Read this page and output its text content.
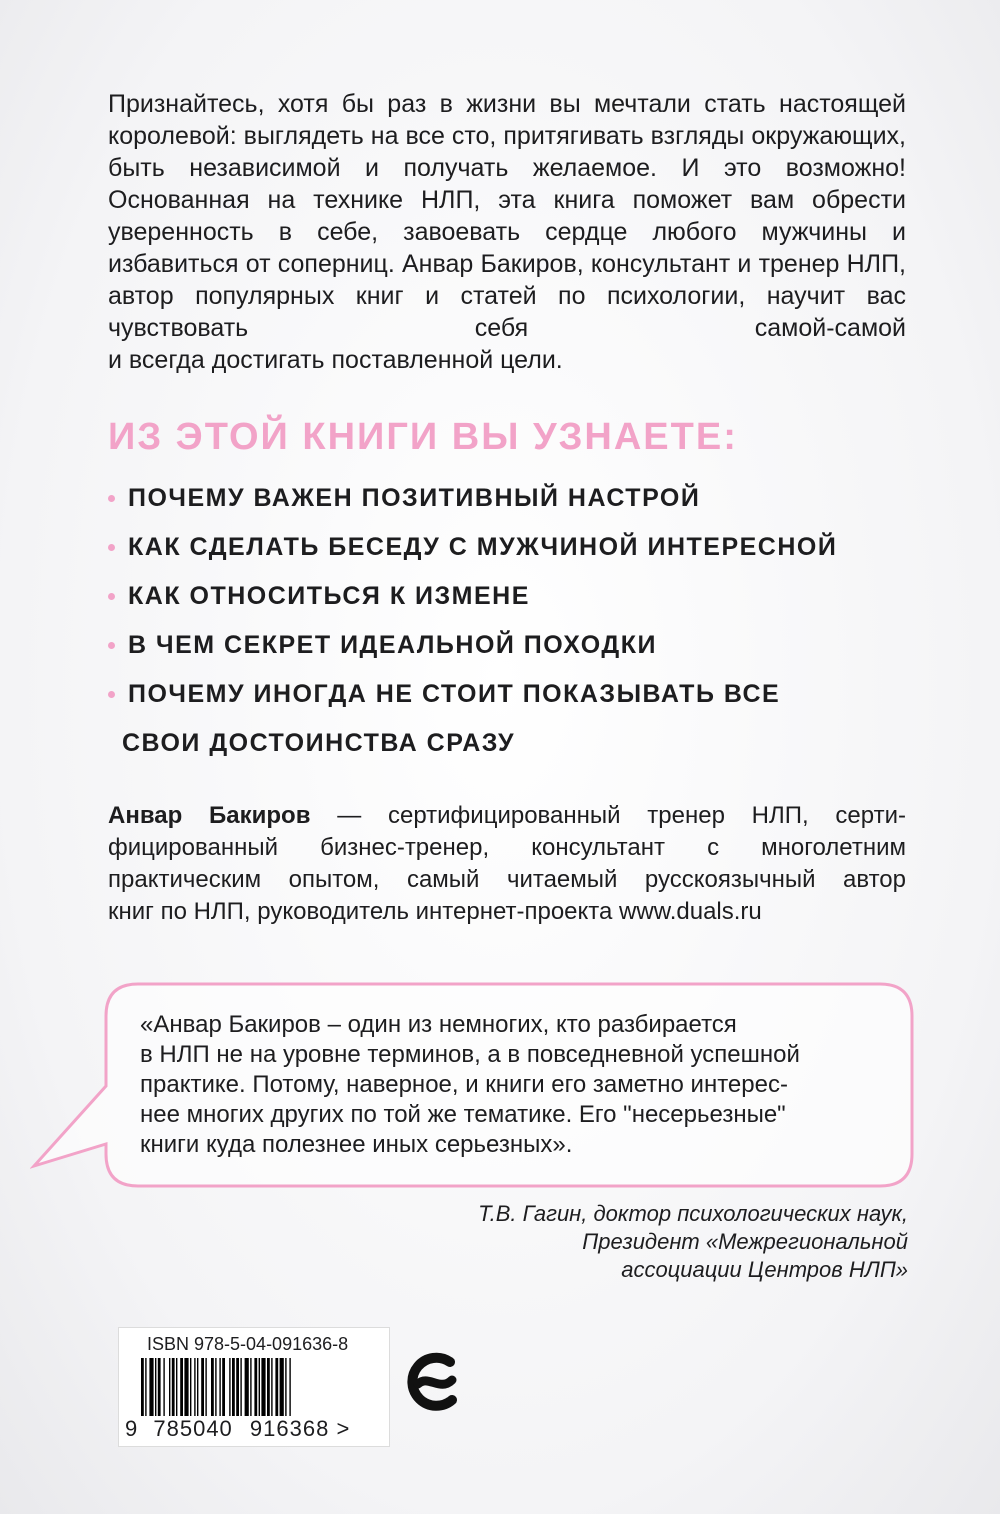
Признайтесь, хотя бы раз в жизни вы мечтали стать настоящей королевой: выглядеть на все сто, притягивать взгляды окружающих, быть независимой и получать желаемое. И это возможно! Основанная на технике НЛП, эта книга поможет вам обрести уверенность в себе, завоевать сердце любого мужчины и избавиться от соперниц. Анвар Бакиров, консультант и тренер НЛП, автор популярных книг и статей по психологии, научит вас чувствовать себя самой-самой
и всегда достигать поставленной цели.

ИЗ ЭТОЙ КНИГИ ВЫ УЗНАЕТЕ:
ПОЧЕМУ ВАЖЕН ПОЗИТИВНЫЙ НАСТРОЙ
КАК СДЕЛАТЬ БЕСЕДУ С МУЖЧИНОЙ ИНТЕРЕСНОЙ
КАК ОТНОСИТЬСЯ К ИЗМЕНЕ
В ЧЕМ СЕКРЕТ ИДЕАЛЬНОЙ ПОХОДКИ
ПОЧЕМУ ИНОГДА НЕ СТОИТ ПОКАЗЫВАТЬ ВСЕ
СВОИ ДОСТОИНСТВА СРАЗУ

Анвар Бакиров — сертифицированный тренер НЛП, серти-фицированный бизнес-тренер, консультант с многолетним практическим опытом, самый читаемый русскоязычный автор
книг по НЛП, руководитель интернет-проекта www.duals.ru

«Анвар Бакиров – один из немногих, кто разбирается
в НЛП не на уровне терминов, а в повседневной успешной
практике. Потому, наверное, и книги его заметно интерес-
нее многих других по той же тематике. Его "несерьезные"
книги куда полезнее иных серьезных».
Т.В. Гагин, доктор психологических наук,
Президент «Межрегиональной
ассоциации Центров НЛП»
ISBN 978-5-04-091636-8
9 785040 916368 >
